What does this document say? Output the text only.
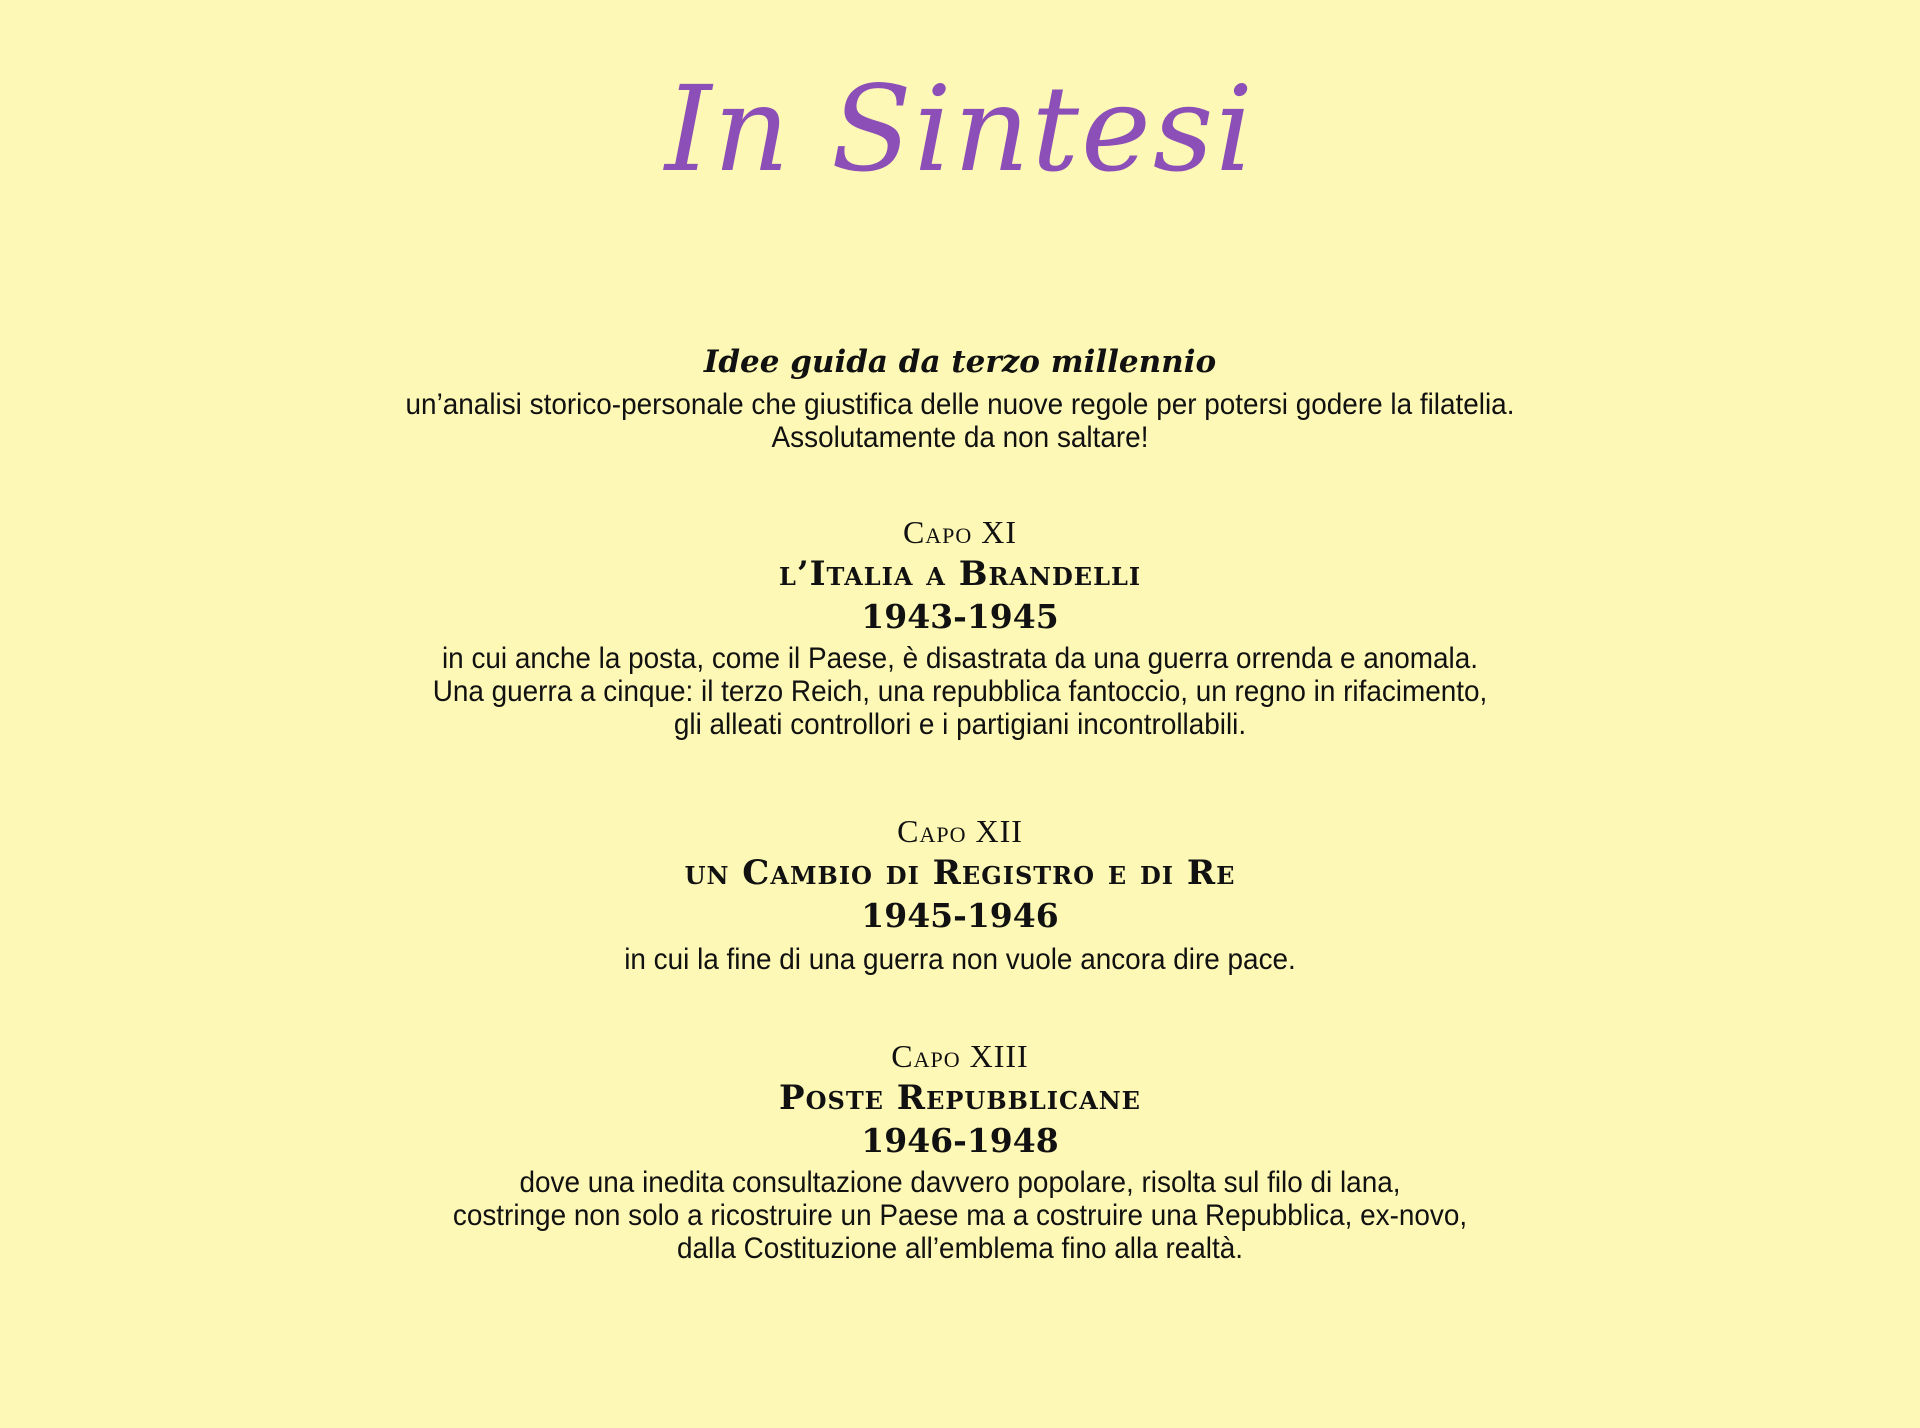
In Sintesi

Idee guida da terzo millennio

un’analisi storico-personale che giustifica delle nuove regole per potersi godere la filatelia.

Assolutamente da non saltare!

Capo XI

l’Italia a Brandelli

1943-1945

in cui anche la posta, come il Paese, è disastrata da una guerra orrenda e anomala.

Una guerra a cinque: il terzo Reich, una repubblica fantoccio, un regno in rifacimento,

gli alleati controllori e i partigiani incontrollabili.

Capo XII

un Cambio di Registro e di Re

1945-1946

in cui la fine di una guerra non vuole ancora dire pace.

Capo XIII

Poste Repubblicane

1946-1948

dove una inedita consultazione davvero popolare, risolta sul filo di lana,

costringe non solo a ricostruire un Paese ma a costruire una Repubblica, ex-novo,

dalla Costituzione all’emblema fino alla realtà.
